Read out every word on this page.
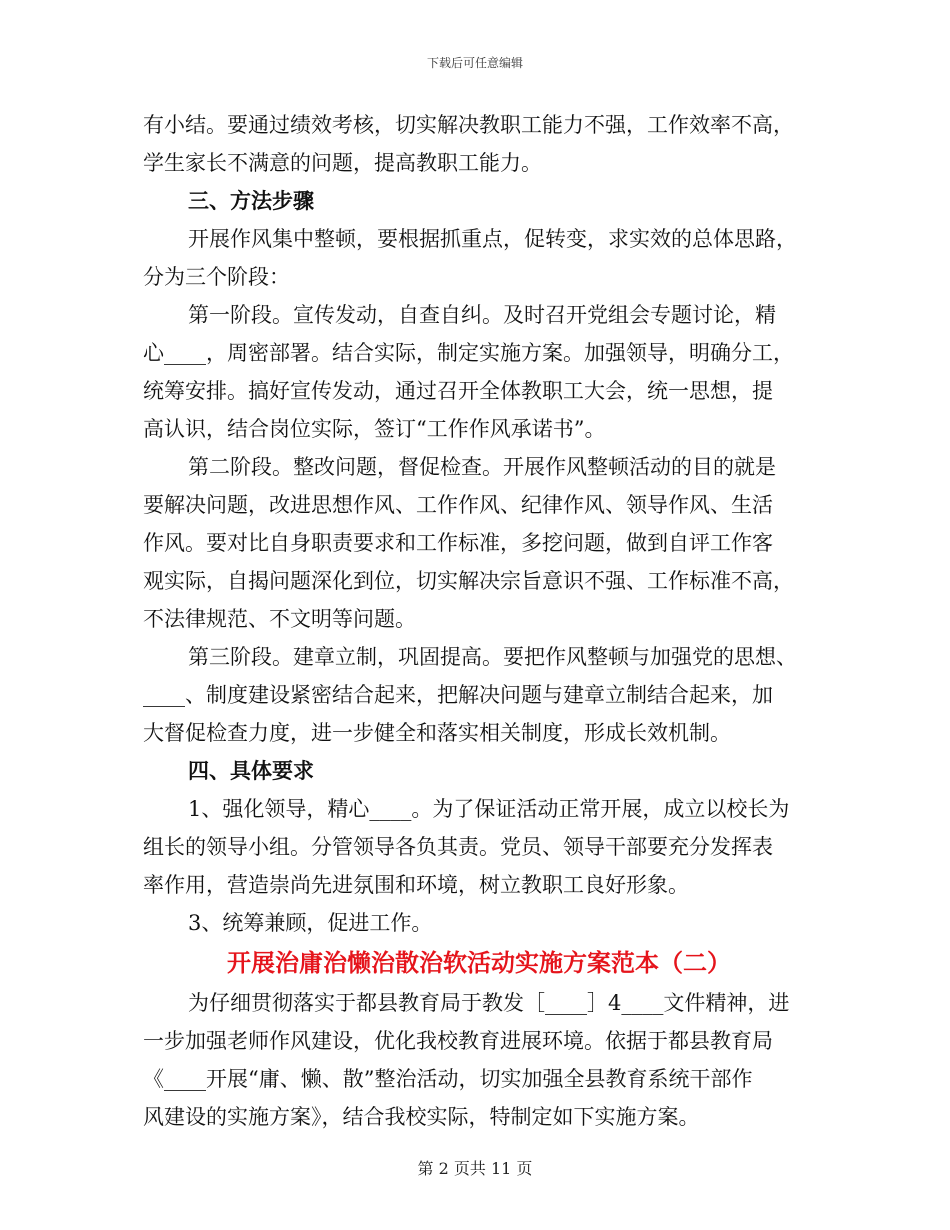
下载后可任意编辑
有小结。要通过绩效考核，切实解决教职工能力不强，工作效率不高，
学生家长不满意的问题，提高教职工能力。
三、方法步骤
开展作风集中整顿，要根据抓重点，促转变，求实效的总体思路，
分为三个阶段：
第一阶段。宣传发动，自查自纠。及时召开党组会专题讨论，精
心____，周密部署。结合实际，制定实施方案。加强领导，明确分工，
统筹安排。搞好宣传发动，通过召开全体教职工大会，统一思想，提
高认识，结合岗位实际，签订“工作作风承诺书”。
第二阶段。整改问题，督促检查。开展作风整顿活动的目的就是
要解决问题，改进思想作风、工作作风、纪律作风、领导作风、生活
作风。要对比自身职责要求和工作标准，多挖问题，做到自评工作客
观实际，自揭问题深化到位，切实解决宗旨意识不强、工作标准不高，
不法律规范、不文明等问题。
第三阶段。建章立制，巩固提高。要把作风整顿与加强党的思想、
____、制度建设紧密结合起来，把解决问题与建章立制结合起来，加
大督促检查力度，进一步健全和落实相关制度，形成长效机制。
四、具体要求
1、强化领导，精心____。为了保证活动正常开展，成立以校长为
组长的领导小组。分管领导各负其责。党员、领导干部要充分发挥表
率作用，营造崇尚先进氛围和环境，树立教职工良好形象。
3、统筹兼顾，促进工作。
开展治庸治懒治散治软活动实施方案范本（二）
为仔细贯彻落实于都县教育局于教发［____］4____文件精神，进
一步加强老师作风建设，优化我校教育进展环境。依据于都县教育局
《____开展“庸、懒、散”整治活动，切实加强全县教育系统干部作
风建设的实施方案》，结合我校实际，特制定如下实施方案。
第 2 页共 11 页
